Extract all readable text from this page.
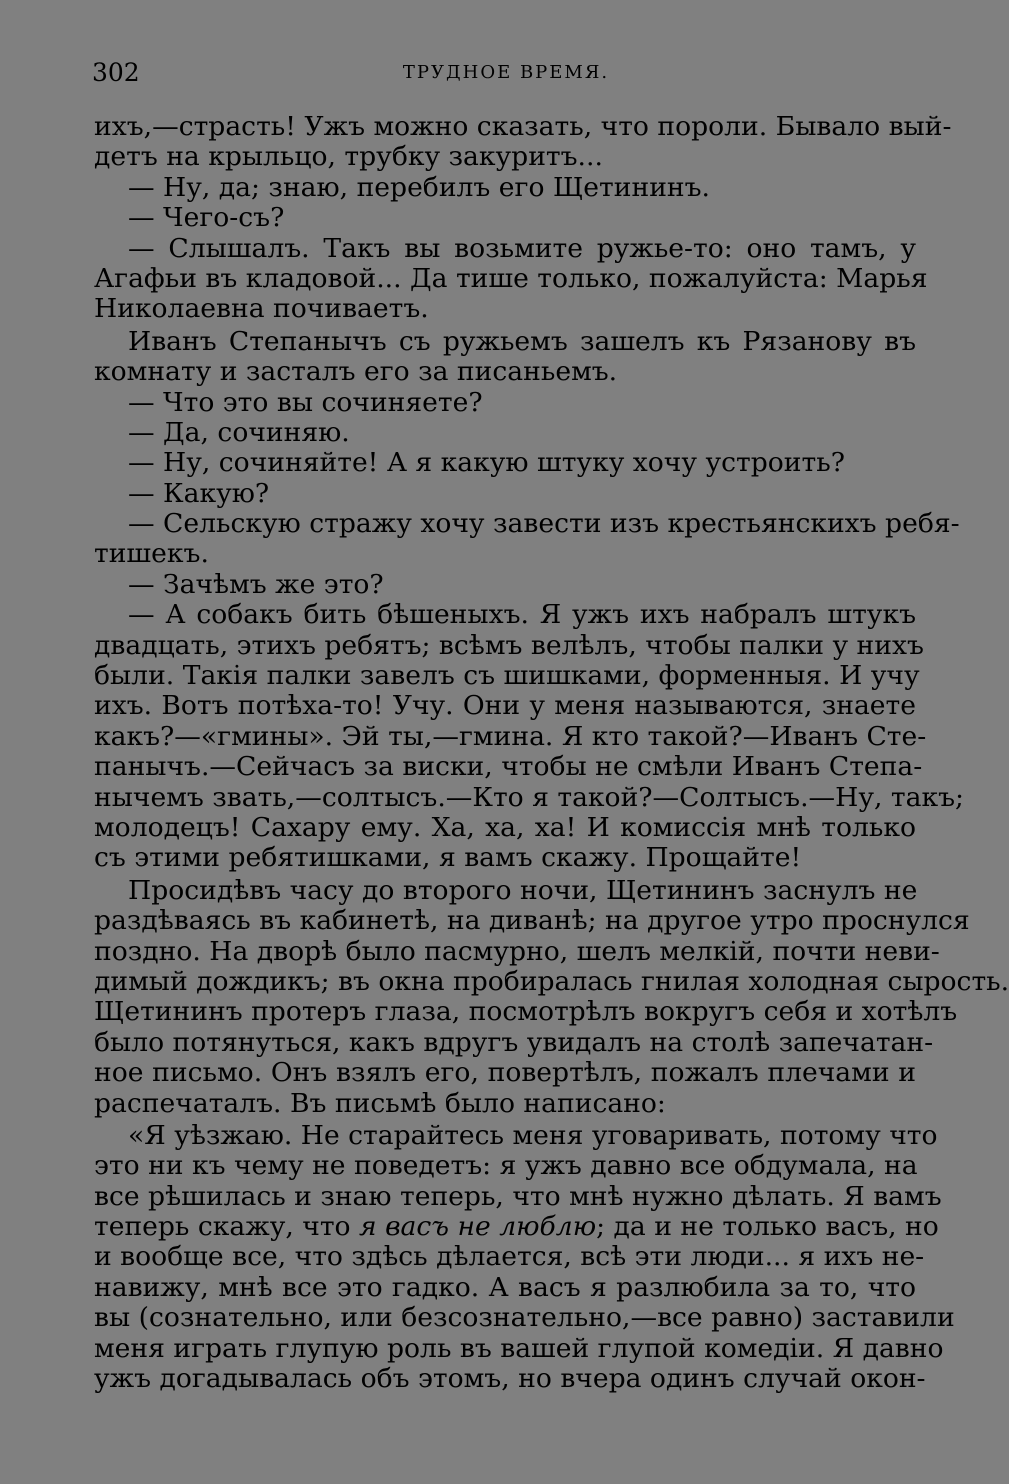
302	ТРУДНОЕ ВРЕМЯ.
ихъ,—страсть! Ужъ можно сказать, что пороли. Бывало вый-
детъ на крыльцо, трубку закуритъ...
— Ну, да; знаю, перебилъ его Щетининъ.
— Чего-съ?
— Слышалъ. Такъ вы возьмите ружье-то: оно тамъ, у
Агафьи въ кладовой... Да тише только, пожалуйста: Марья
Николаевна почиваетъ.
Иванъ Степанычъ съ ружьемъ зашелъ къ Рязанову въ
комнату и засталъ его за писаньемъ.
— Что это вы сочиняете?
— Да, сочиняю.
— Ну, сочиняйте! А я какую штуку хочу устроить?
— Какую?
— Сельскую стражу хочу завести изъ крестьянскихъ ребя-
тишекъ.
— Зачѣмъ же это?
— А собакъ бить бѣшеныхъ. Я ужъ ихъ набралъ штукъ
двадцать, этихъ ребятъ; всѣмъ велѣлъ, чтобы палки у нихъ
были. Такія палки завелъ съ шишками, форменныя. И учу
ихъ. Вотъ потѣха-то! Учу. Они у меня называются, знаете
какъ?—«гмины». Эй ты,—гмина. Я кто такой?—Иванъ Сте-
панычъ.—Сейчасъ за виски, чтобы не смѣли Иванъ Степа-
нычемъ звать,—солтысъ.—Кто я такой?—Солтысъ.—Ну, такъ;
молодецъ! Сахару ему. Ха, ха, ха! И комиссія мнѣ только
съ этими ребятишками, я вамъ скажу. Прощайте!
Просидѣвъ часу до второго ночи, Щетининъ заснулъ не
раздѣваясь въ кабинетѣ, на диванѣ; на другое утро проснулся
поздно. На дворѣ было пасмурно, шелъ мелкій, почти неви-
димый дождикъ; въ окна пробиралась гнилая холодная сырость.
Щетининъ протеръ глаза, посмотрѣлъ вокругъ себя и хотѣлъ
было потянуться, какъ вдругъ увидалъ на столѣ запечатан-
ное письмо. Онъ взялъ его, повертѣлъ, пожалъ плечами и
распечаталъ. Въ письмѣ было написано:
«Я уѣзжаю. Не старайтесь меня уговаривать, потому что
это ни къ чему не поведетъ: я ужъ давно все обдумала, на
все рѣшилась и знаю теперь, что мнѣ нужно дѣлать. Я вамъ
теперь скажу, что я васъ не люблю; да и не только васъ, но
и вообще все, что здѣсь дѣлается, всѣ эти люди... я ихъ не-
навижу, мнѣ все это гадко. А васъ я разлюбила за то, что
вы (сознательно, или безсознательно,—все равно) заставили
меня играть глупую роль въ вашей глупой комедіи. Я давно
ужъ догадывалась объ этомъ, но вчера одинъ случай окон-
